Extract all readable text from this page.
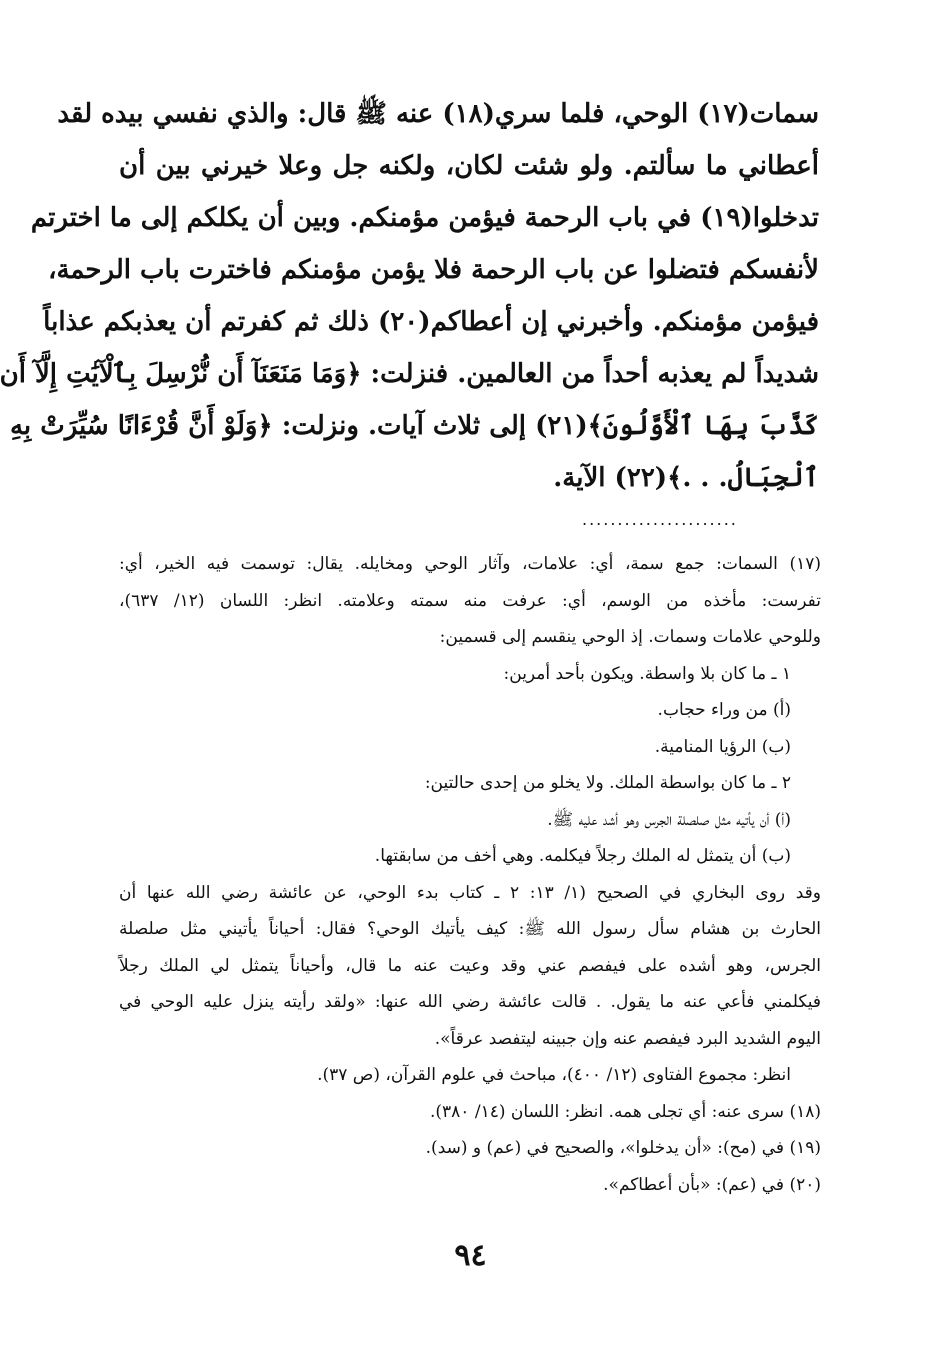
سمات(١٧) الوحي، فلما سري(١٨) عنه ﷺ قال: والذي نفسي بيده لقد
أعطاني ما سألتم. ولو شئت لكان، ولكنه جل وعلا خيرني بين أن
تدخلوا(١٩) في باب الرحمة فيؤمن مؤمنكم. وبين أن يكلكم إلى ما اخترتم
لأنفسكم فتضلوا عن باب الرحمة فلا يؤمن مؤمنكم فاخترت باب الرحمة،
فيؤمن مؤمنكم. وأخبرني إن أعطاكم(٢٠) ذلك ثم كفرتم أن يعذبكم عذاباً
شديداً لم يعذبه أحداً من العالمين. فنزلت: ﴿وَمَا مَنَعَنَآ أَن نُّرْسِلَ بِٱلْآيَٰتِ إِلَّآ أَن
كَذَّبَ بِهَا ٱلْأَوَّلُونَ﴾(٢١) إلى ثلاث آيات. ونزلت: ﴿وَلَوْ أَنَّ قُرْءَانًا سُيِّرَتْ بِهِ
ٱلْجِبَالُ. . .﴾(٢٢) الآية.
......................
(١٧) السمات: جمع سمة، أي: علامات، وآثار الوحي ومخايله. يقال: توسمت فيه الخير، أي:
تفرست: مأخذه من الوسم، أي: عرفت منه سمته وعلامته. انظر: اللسان (١٢/ ٦٣٧)،
وللوحي علامات وسمات. إذ الوحي ينقسم إلى قسمين:
١ ـ ما كان بلا واسطة. ويكون بأحد أمرين:
(أ) من وراء حجاب.
(ب) الرؤيا المنامية.
٢ ـ ما كان بواسطة الملك. ولا يخلو من إحدى حالتين:
(أ) أن يأتيه مثل صلصلة الجرس وهو أشد عليه ﷺ.
(ب) أن يتمثل له الملك رجلاً فيكلمه. وهي أخف من سابقتها.
وقد روى البخاري في الصحيح (١/ ١٣: ٢ ـ كتاب بدء الوحي، عن عائشة رضي الله عنها أن
الحارث بن هشام سأل رسول الله ﷺ: كيف يأتيك الوحي؟ فقال: أحياناً يأتيني مثل صلصلة
الجرس، وهو أشده على فيفصم عني وقد وعيت عنه ما قال، وأحياناً يتمثل لي الملك رجلاً
فيكلمني فأعي عنه ما يقول. . قالت عائشة رضي الله عنها: «ولقد رأيته ينزل عليه الوحي في
اليوم الشديد البرد فيفصم عنه وإن جبينه ليتفصد عرقاً».
انظر: مجموع الفتاوى (١٢/ ٤٠٠)، مباحث في علوم القرآن، (ص ٣٧).
(١٨) سرى عنه: أي تجلى همه. انظر: اللسان (١٤/ ٣٨٠).
(١٩) في (مح): «أن يدخلوا»، والصحيح في (عم) و (سد).
(٢٠) في (عم): «بأن أعطاكم».
٩٤
